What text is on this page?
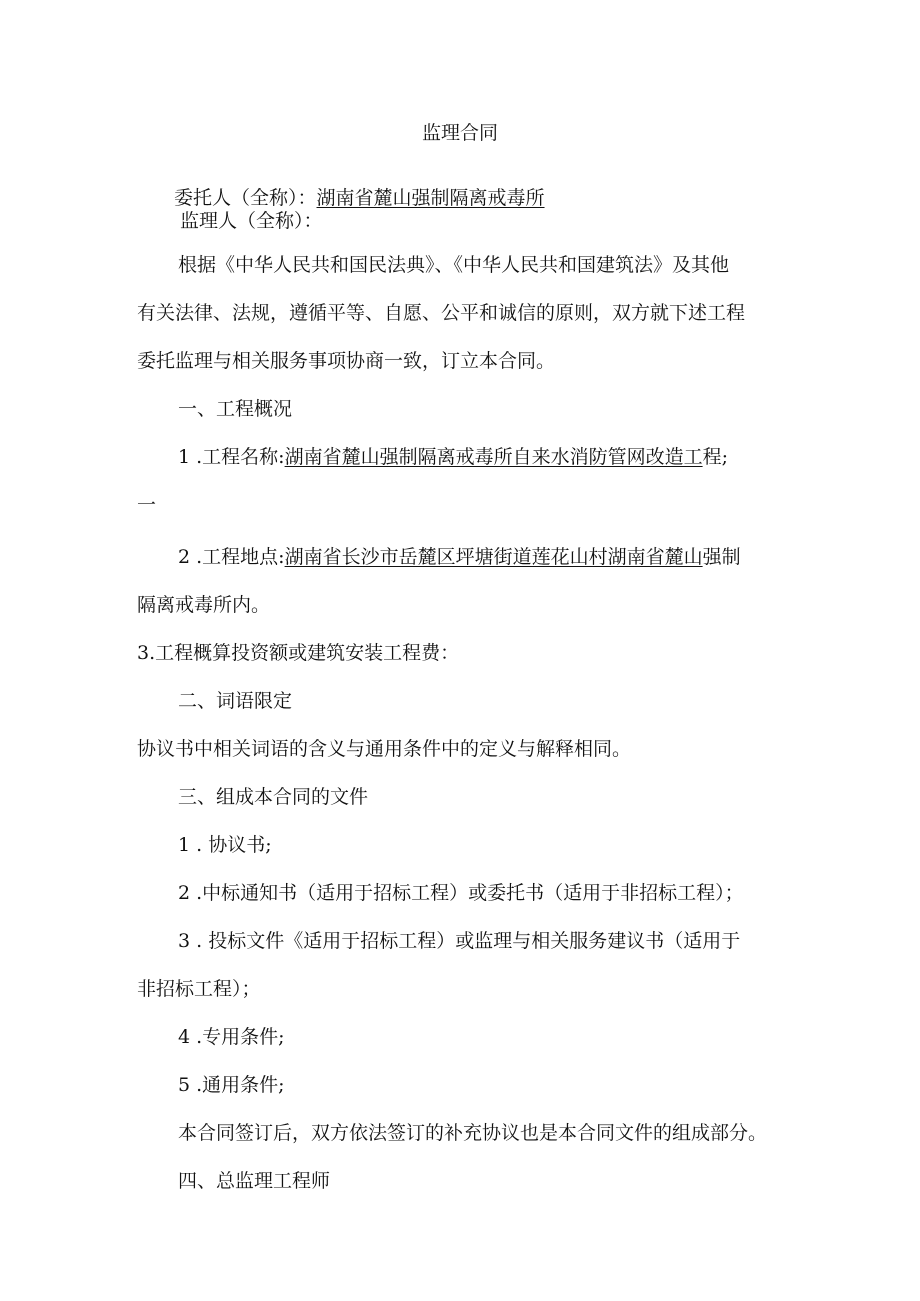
监理合同
委托人（全称）：湖南省麓山强制隔离戒毒所
监理人（全称）：
根据《中华人民共和国民法典》、《中华人民共和国建筑法》及其他
有关法律、法规，遵循平等、自愿、公平和诚信的原则，双方就下述工程
委托监理与相关服务事项协商一致，订立本合同。
一、工程概况
1 .工程名称:湖南省麓山强制隔离戒毒所自来水消防管网改造工程;
一
2 .工程地点:湖南省长沙市岳麓区坪塘街道莲花山村湖南省麓山强制
隔离戒毒所内。
3.工程概算投资额或建筑安装工程费：
二、词语限定
协议书中相关词语的含义与通用条件中的定义与解释相同。
三、组成本合同的文件
1 . 协议书;
2 .中标通知书（适用于招标工程）或委托书（适用于非招标工程）；
3 . 投标文件《适用于招标工程）或监理与相关服务建议书（适用于
非招标工程）；
4 .专用条件;
5 .通用条件;
本合同签订后，双方依法签订的补充协议也是本合同文件的组成部分。
四、总监理工程师
